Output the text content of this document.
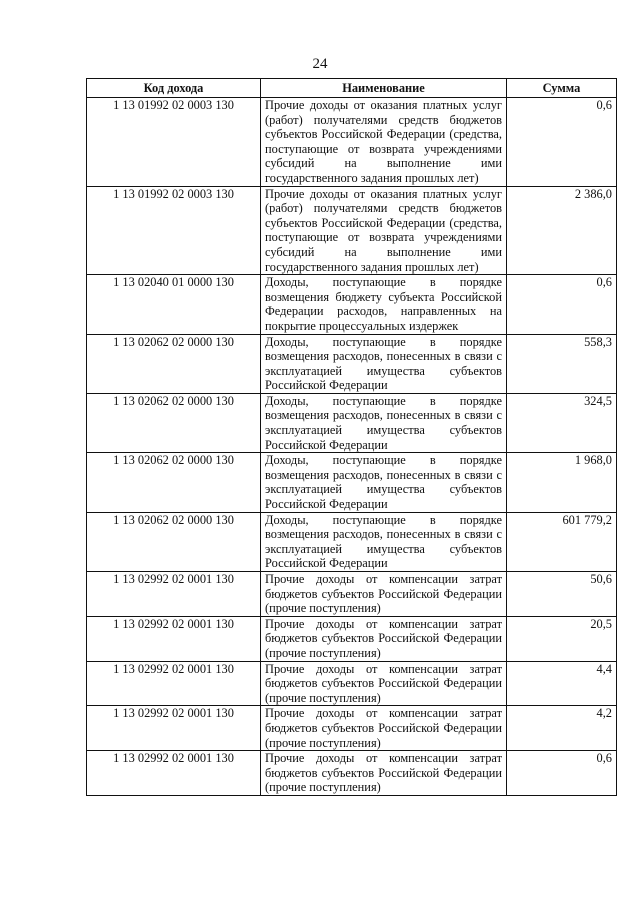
24
Код дохода	Наименование	Сумма
1 13 01992 02 0003 130	Прочие доходы от оказания платных услуг (работ) получателями средств бюджетов субъектов Российской Федерации (средства, поступающие от возврата учреждениями субсидий на выполнение ими государственного задания прошлых лет)	0,6
1 13 01992 02 0003 130	Прочие доходы от оказания платных услуг (работ) получателями средств бюджетов субъектов Российской Федерации (средства, поступающие от возврата учреждениями субсидий на выполнение ими государственного задания прошлых лет)	2 386,0
1 13 02040 01 0000 130	Доходы, поступающие в порядке возмещения бюджету субъекта Российской Федерации расходов, направленных на покрытие процессуальных издержек	0,6
1 13 02062 02 0000 130	Доходы, поступающие в порядке возмещения расходов, понесенных в связи с эксплуатацией имущества субъектов Российской Федерации	558,3
1 13 02062 02 0000 130	Доходы, поступающие в порядке возмещения расходов, понесенных в связи с эксплуатацией имущества субъектов Российской Федерации	324,5
1 13 02062 02 0000 130	Доходы, поступающие в порядке возмещения расходов, понесенных в связи с эксплуатацией имущества субъектов Российской Федерации	1 968,0
1 13 02062 02 0000 130	Доходы, поступающие в порядке возмещения расходов, понесенных в связи с эксплуатацией имущества субъектов Российской Федерации	601 779,2
1 13 02992 02 0001 130	Прочие доходы от компенсации затрат бюджетов субъектов Российской Федерации (прочие поступления)	50,6
1 13 02992 02 0001 130	Прочие доходы от компенсации затрат бюджетов субъектов Российской Федерации (прочие поступления)	20,5
1 13 02992 02 0001 130	Прочие доходы от компенсации затрат бюджетов субъектов Российской Федерации (прочие поступления)	4,4
1 13 02992 02 0001 130	Прочие доходы от компенсации затрат бюджетов субъектов Российской Федерации (прочие поступления)	4,2
1 13 02992 02 0001 130	Прочие доходы от компенсации затрат бюджетов субъектов Российской Федерации (прочие поступления)	0,6
